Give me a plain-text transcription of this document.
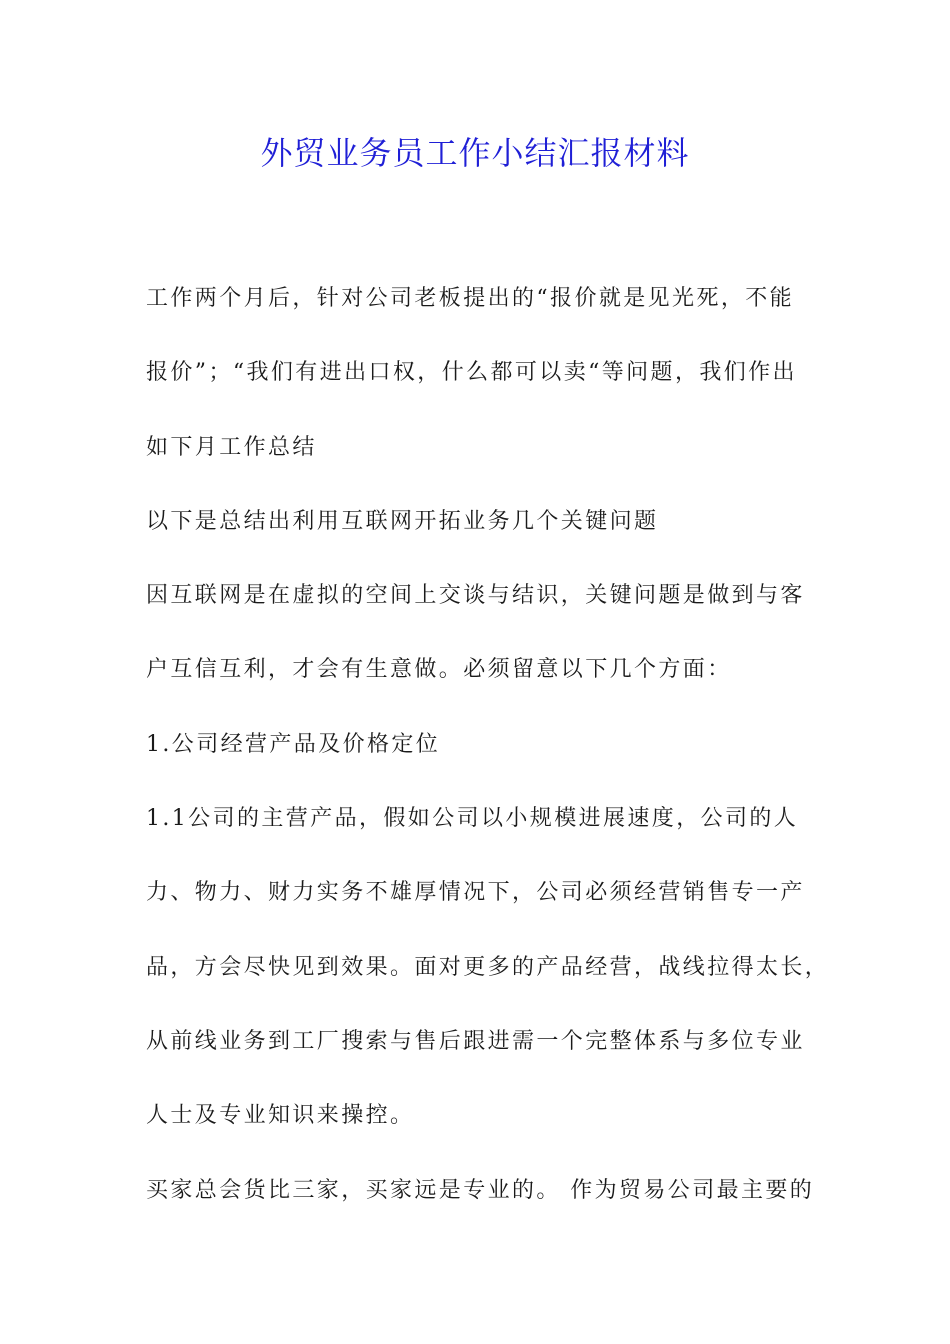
外贸业务员工作小结汇报材料

工作两个月后，针对公司老板提出的“报价就是见光死，不能
报价”；“我们有进出口权，什么都可以卖“等问题，我们作出
如下月工作总结

以下是总结出利用互联网开拓业务几个关键问题

因互联网是在虚拟的空间上交谈与结识，关键问题是做到与客
户互信互利，才会有生意做。必须留意以下几个方面：

1.公司经营产品及价格定位

1.1公司的主营产品，假如公司以小规模进展速度，公司的人
力、物力、财力实务不雄厚情况下，公司必须经营销售专一产
品，方会尽快见到效果。面对更多的产品经营，战线拉得太长，
从前线业务到工厂搜索与售后跟进需一个完整体系与多位专业
人士及专业知识来操控。

买家总会货比三家，买家远是专业的。 作为贸易公司最主要的
